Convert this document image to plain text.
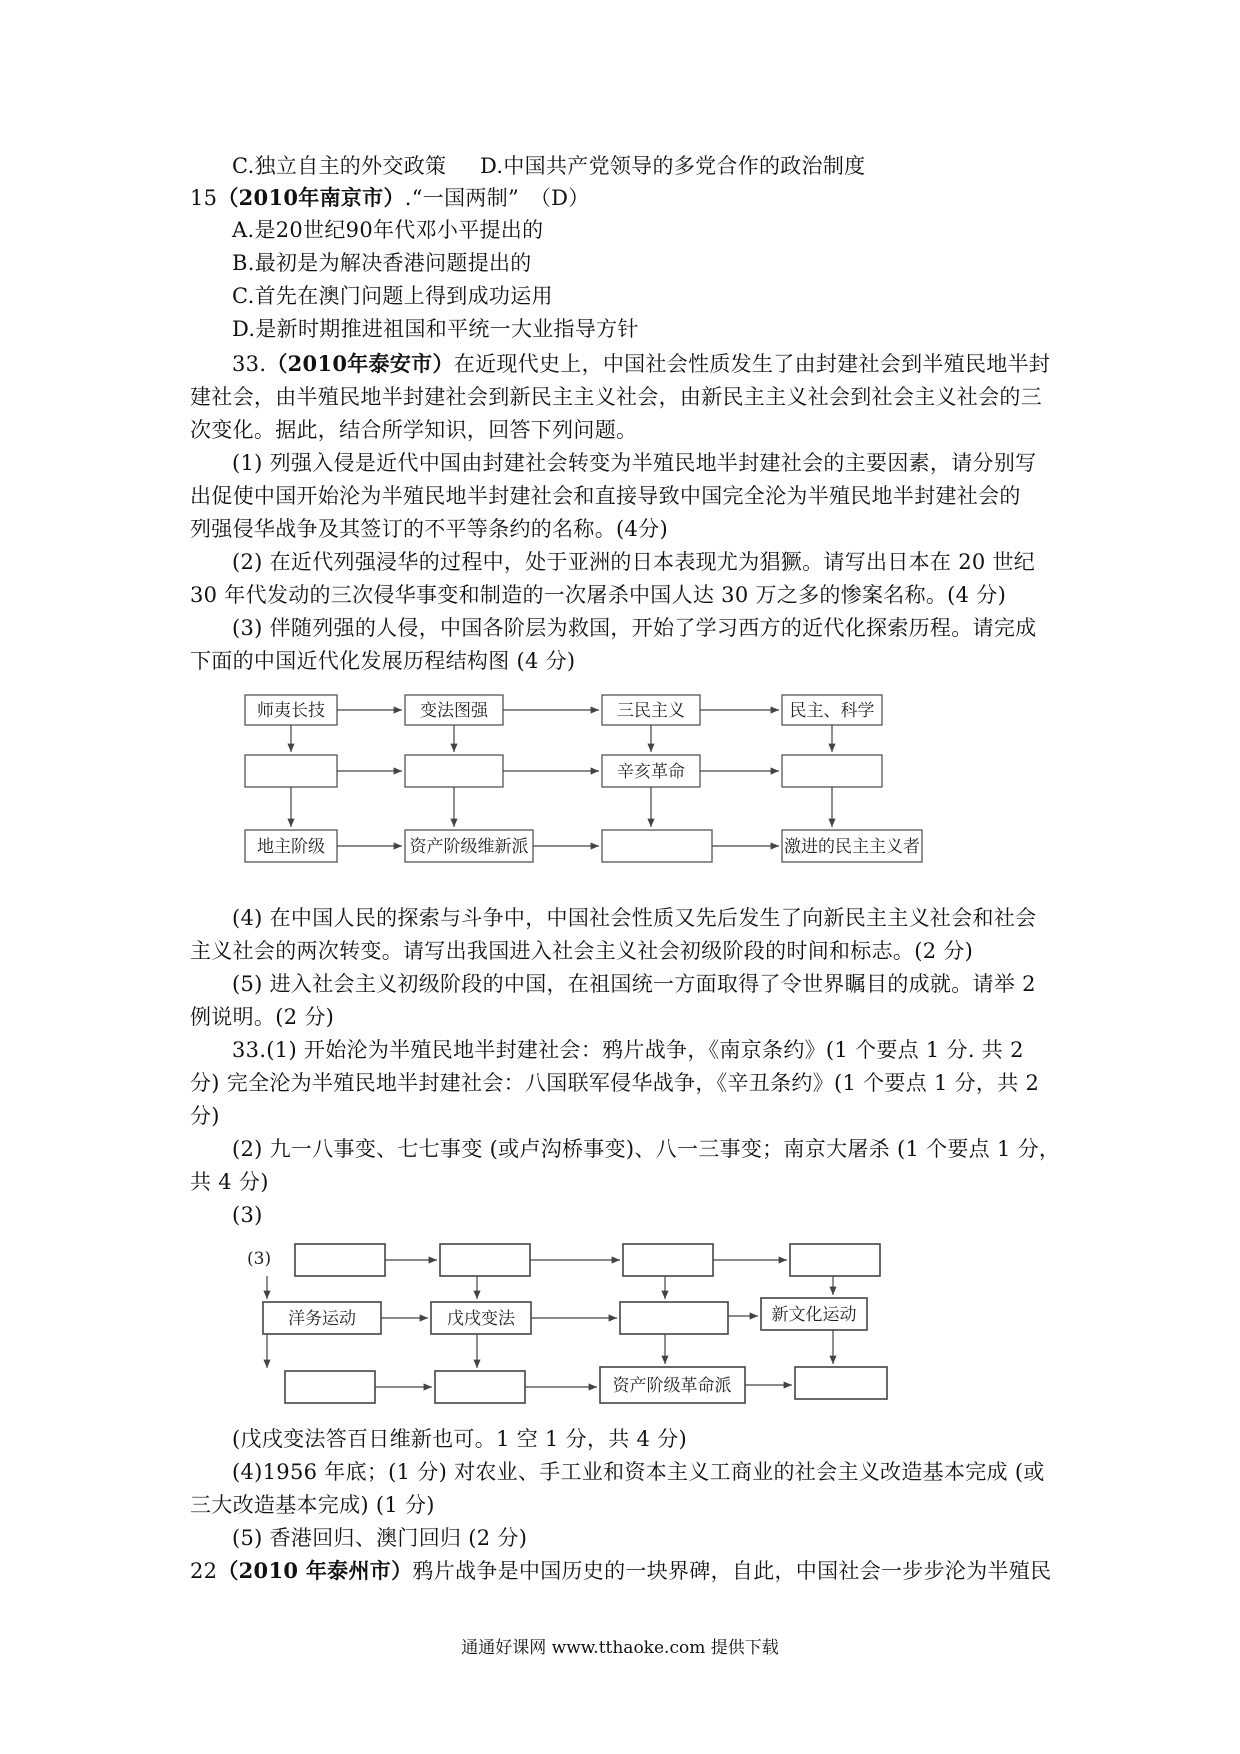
C.独立自主的外交政策 D.中国共产党领导的多党合作的政治制度
15（2010年南京市）.“一国两制”　（D）
A.是20世纪90年代邓小平提出的
B.最初是为解决香港问题提出的
C.首先在澳门问题上得到成功运用
D.是新时期推进祖国和平统一大业指导方针
33.（2010年泰安市）在近现代史上，中国社会性质发生了由封建社会到半殖民地半封
建社会，由半殖民地半封建社会到新民主主义社会，由新民主主义社会到社会主义社会的三
次变化。据此，结合所学知识，回答下列问题。
(1) 列强入侵是近代中国由封建社会转变为半殖民地半封建社会的主要因素，请分别写
出促使中国开始沦为半殖民地半封建社会和直接导致中国完全沦为半殖民地半封建社会的
列强侵华战争及其签订的不平等条约的名称。(4分)
(2) 在近代列强浸华的过程中，处于亚洲的日本表现尤为猖獗。请写出日本在 20 世纪
30 年代发动的三次侵华事变和制造的一次屠杀中国人达 30 万之多的惨案名称。(4 分)
(3) 伴随列强的人侵，中国各阶层为救国，开始了学习西方的近代化探索历程。请完成
下面的中国近代化发展历程结构图 (4 分)
师夷长技	变法图强	三民主义	民主、科学
辛亥革命
地主阶级	资产阶级维新派	激进的民主主义者
(4) 在中国人民的探索与斗争中，中国社会性质又先后发生了向新民主主义社会和社会
主义社会的两次转变。请写出我国进入社会主义社会初级阶段的时间和标志。(2 分)
(5) 进入社会主义初级阶段的中国，在祖国统一方面取得了令世界瞩目的成就。请举 2
例说明。(2 分)
33.(1) 开始沦为半殖民地半封建社会：鸦片战争，《南京条约》(1 个要点 1 分. 共 2
分) 完全沦为半殖民地半封建社会：八国联军侵华战争，《辛丑条约》(1 个要点 1 分，共 2
分)
(2) 九一八事变、七七事变 (或卢沟桥事变)、八一三事变；南京大屠杀 (1 个要点 1 分，
共 4 分)
(3)
(3)
洋务运动	戊戌变法	新文化运动
资产阶级革命派
(戊戌变法答百日维新也可。1 空 1 分，共 4 分)
(4)1956 年底；(1 分) 对农业、手工业和资本主义工商业的社会主义改造基本完成 (或
三大改造基本完成) (1 分)
(5) 香港回归、澳门回归 (2 分)
22（2010 年泰州市）鸦片战争是中国历史的一块界碑，自此，中国社会一步步沦为半殖民
通通好课网 www.tthaoke.com 提供下载
